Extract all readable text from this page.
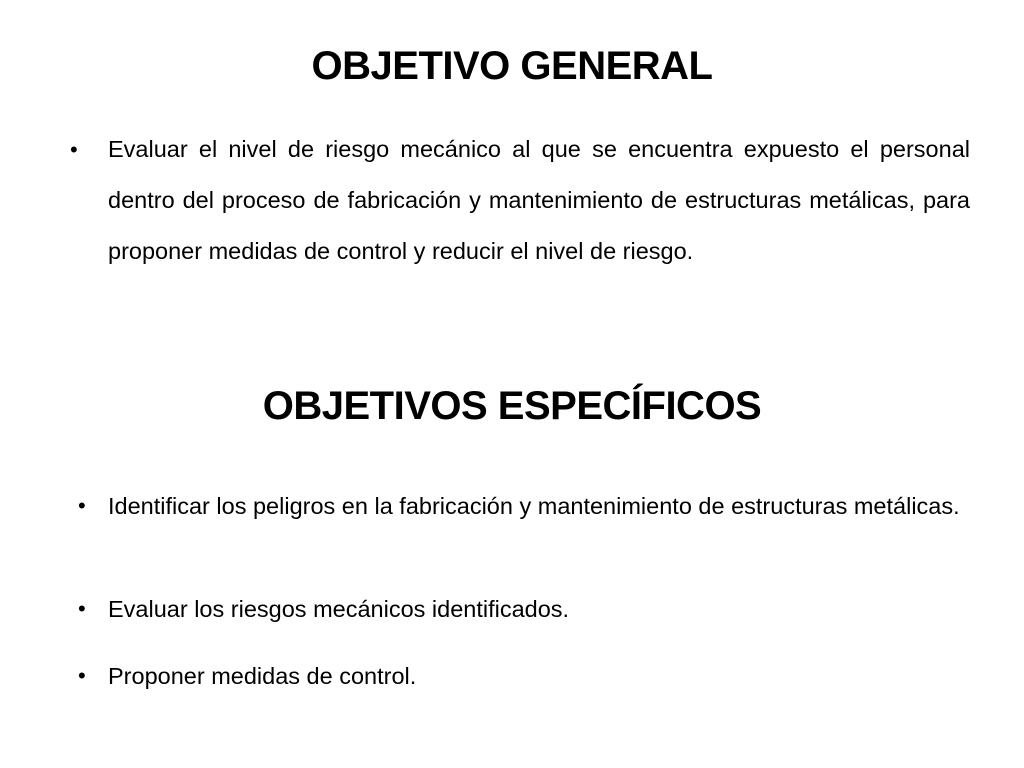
OBJETIVO GENERAL
• Evaluar el nivel de riesgo mecánico al que se encuentra expuesto el personal dentro del proceso de fabricación y mantenimiento de estructuras metálicas, para proponer medidas de control y reducir el nivel de riesgo.

OBJETIVOS ESPECÍFICOS
• Identificar los peligros en la fabricación y mantenimiento de estructuras metálicas.
• Evaluar los riesgos mecánicos identificados.
• Proponer medidas de control.
